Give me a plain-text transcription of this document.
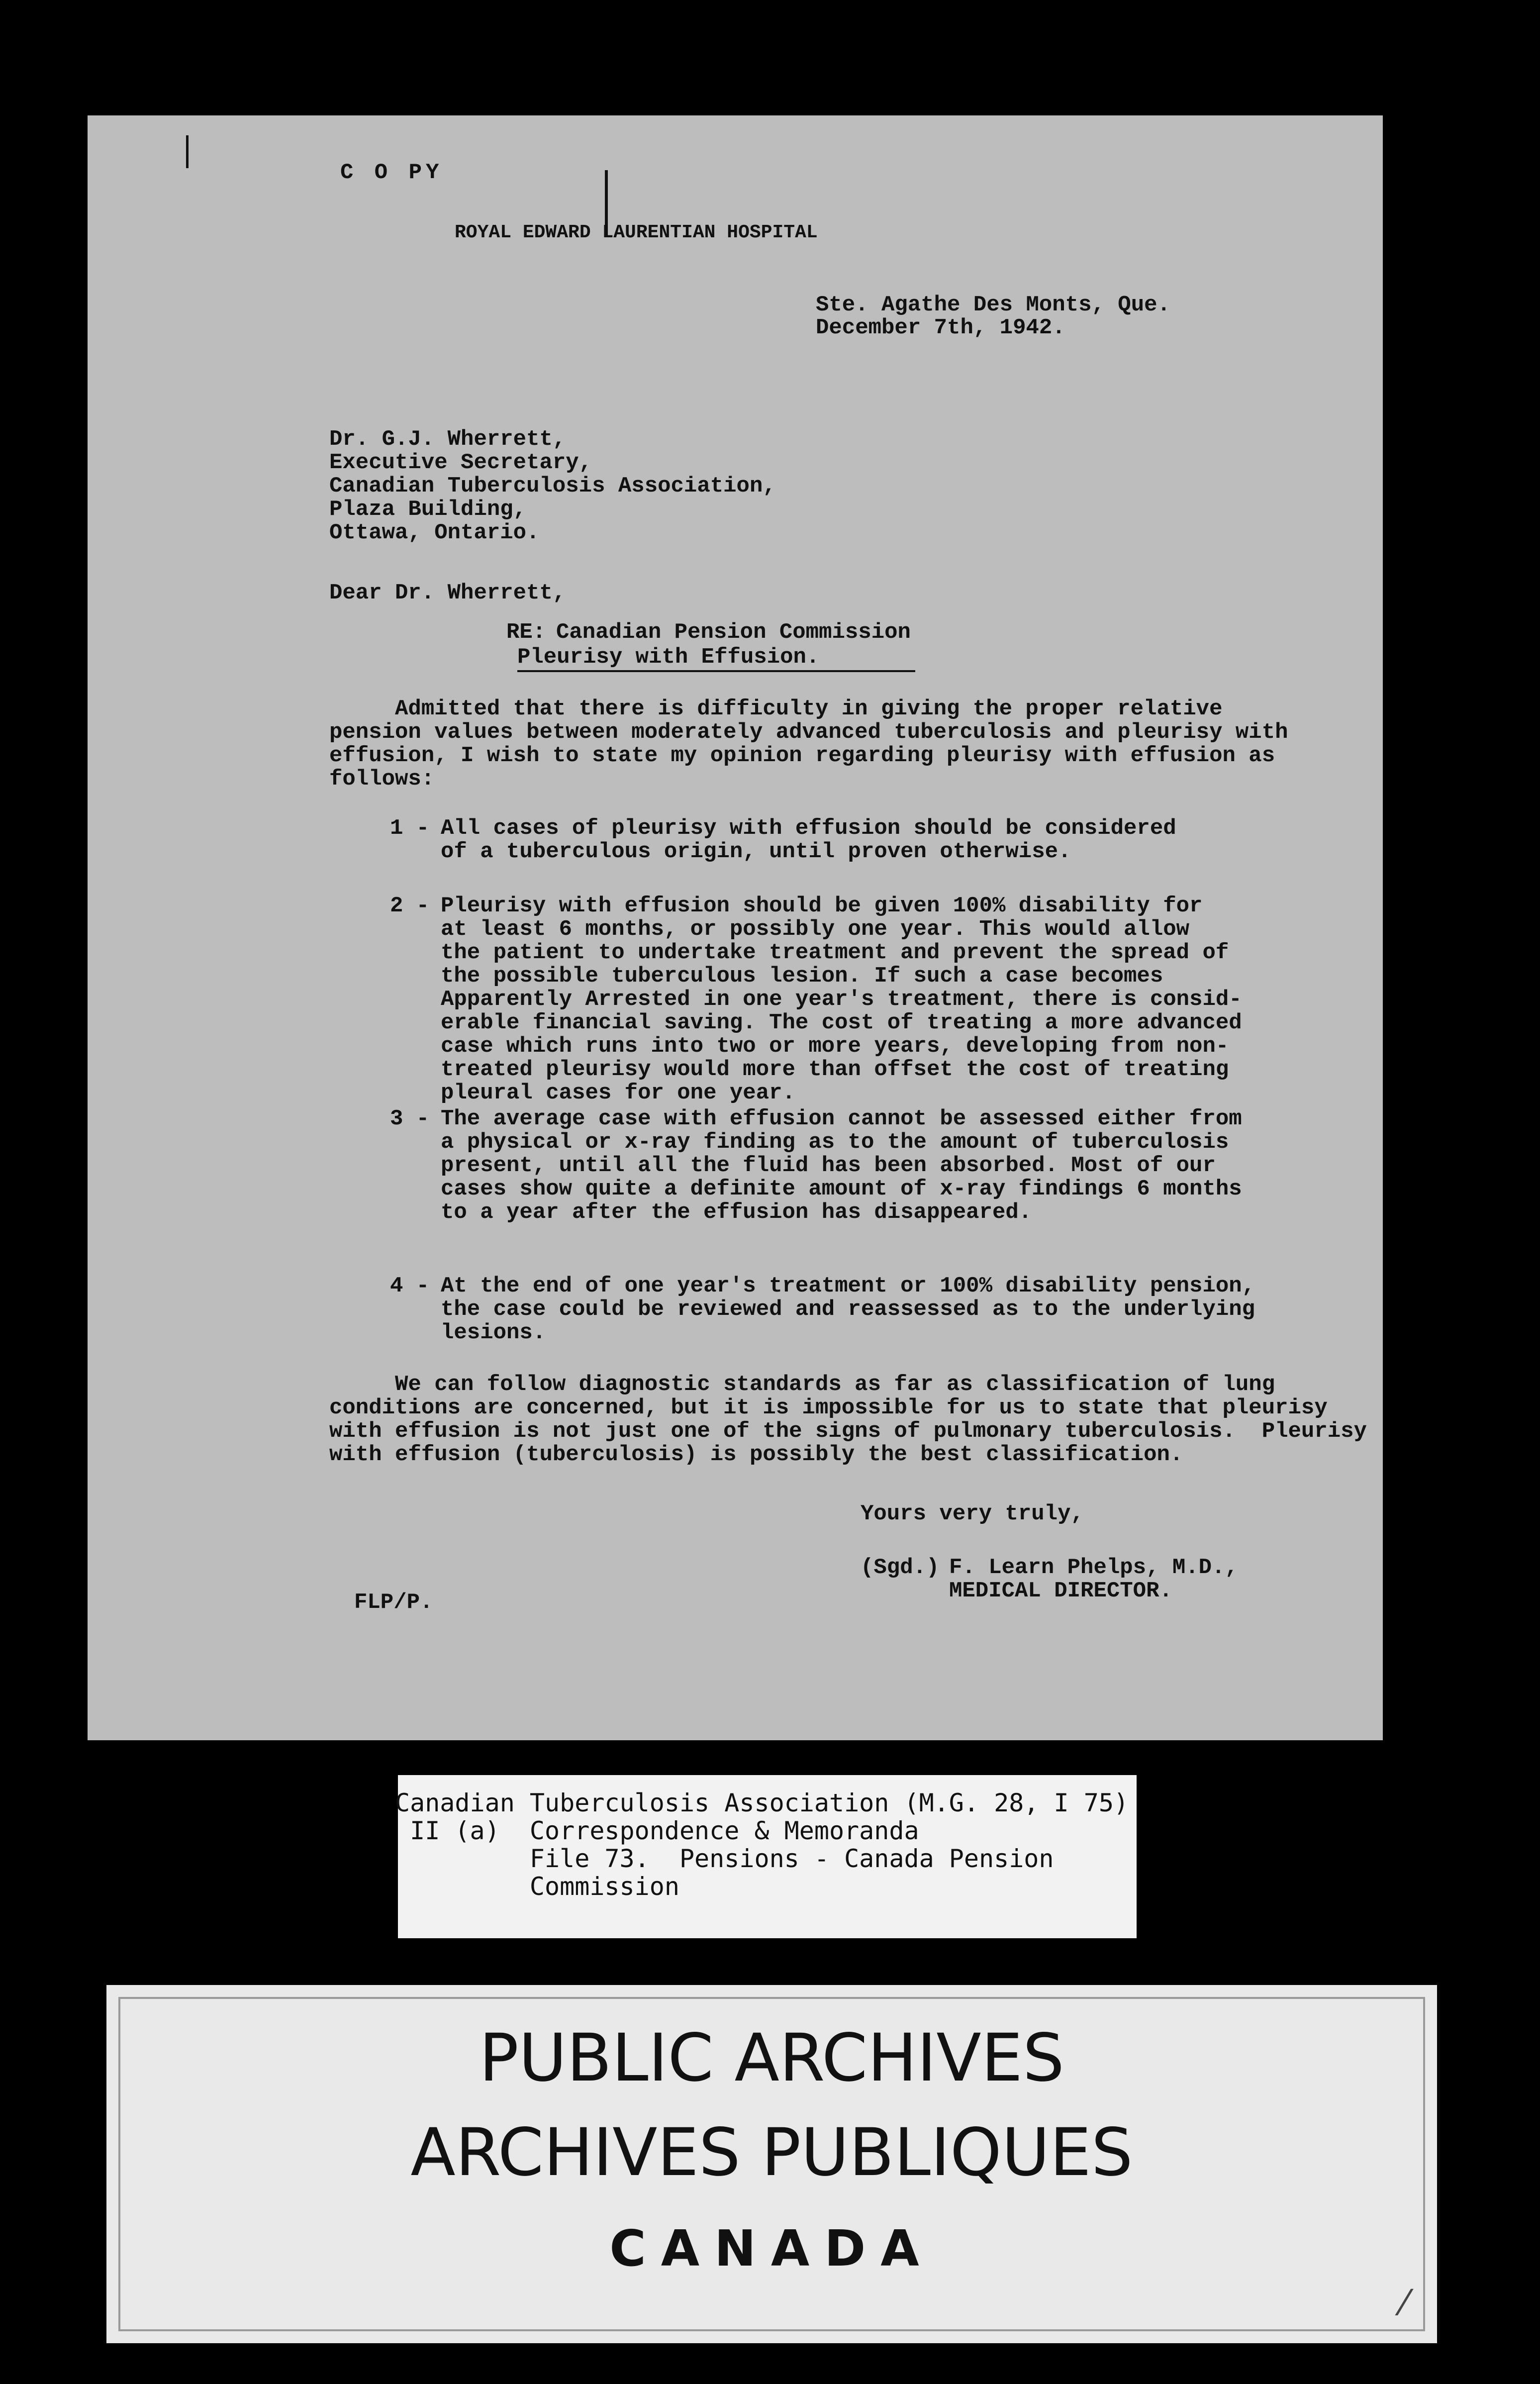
C O PY
ROYAL EDWARD LAURENTIAN HOSPITAL
Ste. Agathe Des Monts, Que.
December 7th, 1942.
Dr. G.J. Wherrett,
Executive Secretary,
Canadian Tuberculosis Association,
Plaza Building,
Ottawa, Ontario.
Dear Dr. Wherrett,
RE: Canadian Pension Commission
Pleurisy with Effusion.
Admitted that there is difficulty in giving the proper relative
pension values between moderately advanced tuberculosis and pleurisy with
effusion, I wish to state my opinion regarding pleurisy with effusion as
follows:
1 - All cases of pleurisy with effusion should be considered
of a tuberculous origin, until proven otherwise.
2 - Pleurisy with effusion should be given 100% disability for
at least 6 months, or possibly one year. This would allow
the patient to undertake treatment and prevent the spread of
the possible tuberculous lesion. If such a case becomes
Apparently Arrested in one year's treatment, there is consid-
erable financial saving. The cost of treating a more advanced
case which runs into two or more years, developing from non-
treated pleurisy would more than offset the cost of treating
pleural cases for one year.
3 - The average case with effusion cannot be assessed either from
a physical or x-ray finding as to the amount of tuberculosis
present, until all the fluid has been absorbed. Most of our
cases show quite a definite amount of x-ray findings 6 months
to a year after the effusion has disappeared.
4 - At the end of one year's treatment or 100% disability pension,
the case could be reviewed and reassessed as to the underlying
lesions.
We can follow diagnostic standards as far as classification of lung
conditions are concerned, but it is impossible for us to state that pleurisy
with effusion is not just one of the signs of pulmonary tuberculosis.  Pleurisy
with effusion (tuberculosis) is possibly the best classification.
Yours very truly,
(Sgd.) F. Learn Phelps, M.D.,
MEDICAL DIRECTOR.
FLP/P.
Canadian Tuberculosis Association (M.G. 28, I 75)
II (a)  Correspondence & Memoranda
File 73.  Pensions - Canada Pension
Commission
PUBLIC ARCHIVES
ARCHIVES PUBLIQUES
CANADA
⁄
